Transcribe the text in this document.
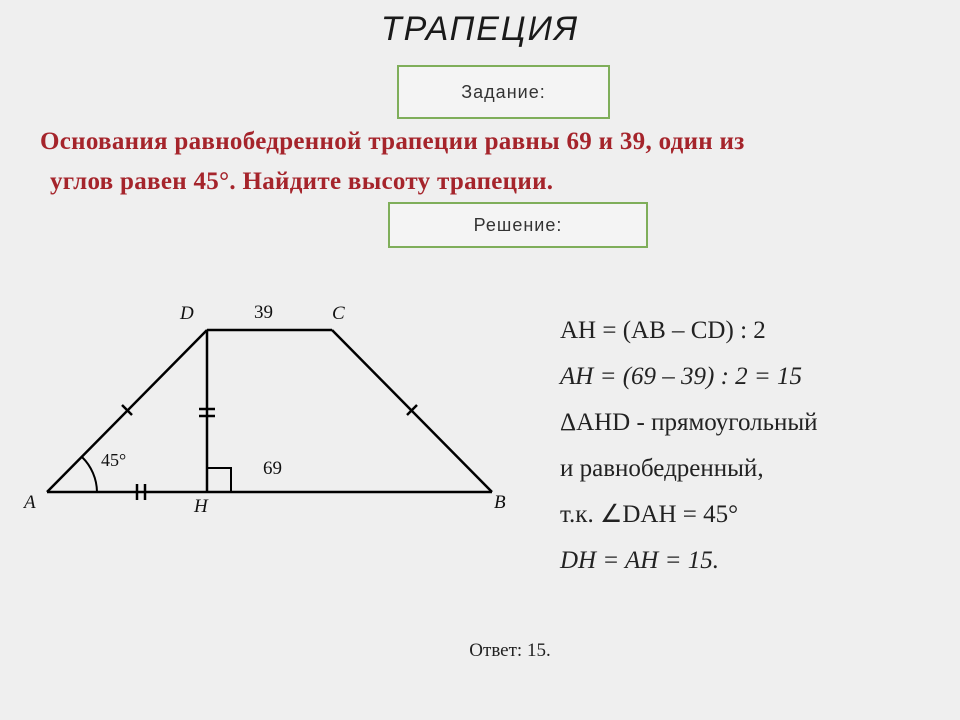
ТРАПЕЦИЯ
Задание:
Основания равнобедренной трапеции равны 69 и 39, один из
углов равен 45°. Найдите высоту трапеции.
Решение:
D	C
A	B
H
39
69
45°
AH = (AB – CD) : 2
AH = (69 – 39) : 2 = 15
ΔAHD - прямоугольный
и равнобедренный,
т.к. ∠DAH = 45°
DH = AH = 15.
Ответ: 15.
